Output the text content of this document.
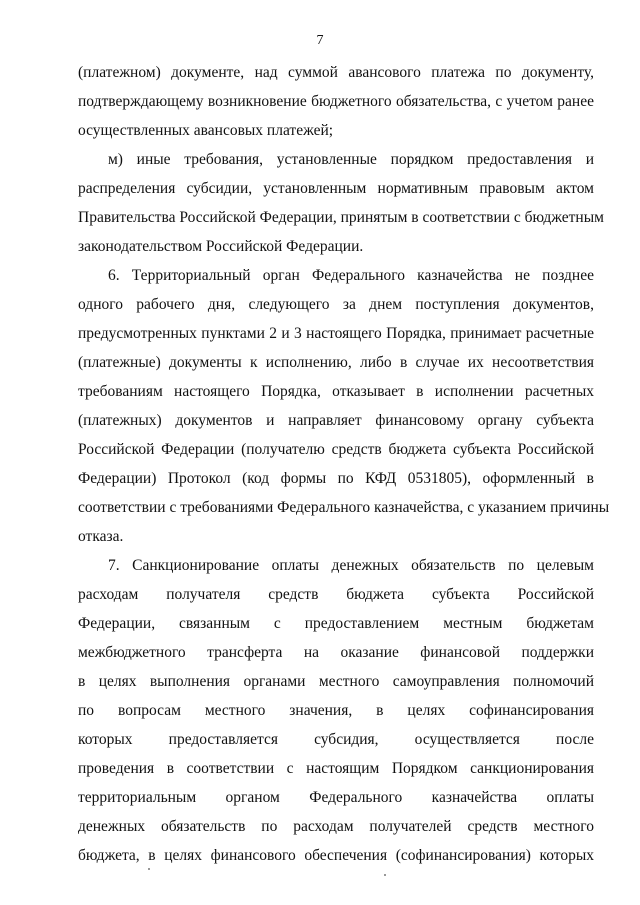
7
(платежном) документе, над суммой авансового платежа по документу,
подтверждающему возникновение бюджетного обязательства, с учетом ранее
осуществленных авансовых платежей;
м) иные требования, установленные порядком предоставления и
распределения субсидии, установленным нормативным правовым актом
Правительства Российской Федерации, принятым в соответствии с бюджетным
законодательством Российской Федерации.
6. Территориальный орган Федерального казначейства не позднее
одного рабочего дня, следующего за днем поступления документов,
предусмотренных пунктами 2 и 3 настоящего Порядка, принимает расчетные
(платежные) документы к исполнению, либо в случае их несоответствия
требованиям настоящего Порядка, отказывает в исполнении расчетных
(платежных) документов и направляет финансовому органу субъекта
Российской Федерации (получателю средств бюджета субъекта Российской
Федерации) Протокол (код формы по КФД 0531805), оформленный в
соответствии с требованиями Федерального казначейства, с указанием причины
отказа.
7. Санкционирование оплаты денежных обязательств по целевым
расходам получателя средств бюджета субъекта Российской
Федерации, связанным с предоставлением местным бюджетам
межбюджетного трансферта на оказание финансовой поддержки
в целях выполнения органами местного самоуправления полномочий
по вопросам местного значения, в целях софинансирования
которых предоставляется субсидия, осуществляется после
проведения в соответствии с настоящим Порядком санкционирования
территориальным органом Федерального казначейства оплаты
денежных обязательств по расходам получателей средств местного
бюджета, в целях финансового обеспечения (софинансирования) которых
